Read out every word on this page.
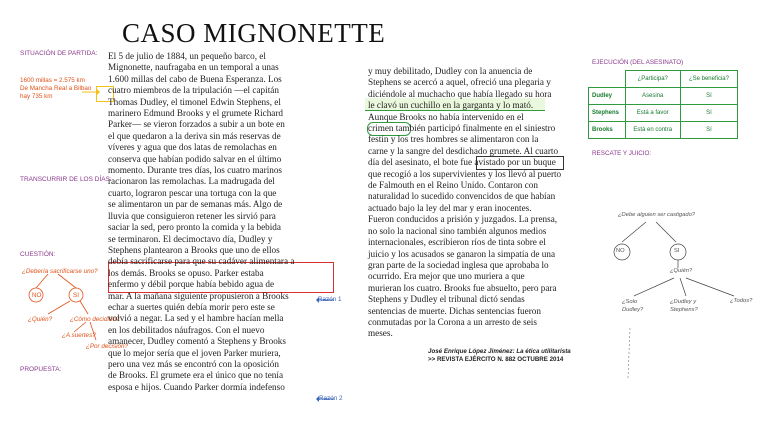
CASO MIGNONETTE
SITUACIÓN DE PARTIDA:
1600 millas = 2.575 km
De Mancha Real a Bilbao
hay 735 km
TRANSCURRIR DE LOS DÍAS:
CUESTIÓN:
PROPUESTA:
¿Debería sacrificarse uno?
NO	SI
¿Quién?	¿Cómo decidirlo?
¿A suertes?
¿Por decisión?
Razón 1
Razón 2
El 5 de julio de 1884, un pequeño barco, el
Mignonette, naufragaba en un temporal a unas
1.600 millas del cabo de Buena Esperanza. Los
cuatro miembros de la tripulación —el capitán
Thomas Dudley, el timonel Edwin Stephens, el
marinero Edmund Brooks y el grumete Richard
Parker— se vieron forzados a subir a un bote en
el que quedaron a la deriva sin más reservas de
víveres y agua que dos latas de remolachas en
conserva que habían podido salvar en el último
momento. Durante tres días, los cuatro marinos
racionaron las remolachas. La madrugada del
cuarto, lograron pescar una tortuga con la que
se alimentaron un par de semanas más. Algo de
lluvia que consiguieron retener les sirvió para
saciar la sed, pero pronto la comida y la bebida
se terminaron. El decimoctavo día, Dudley y
Stephens plantearon a Brooks que uno de ellos
debía sacrificarse para que su cadáver alimentara a
los demás. Brooks se opuso. Parker estaba
enfermo y débil porque había bebido agua de
mar. A la mañana siguiente propusieron a Brooks
echar a suertes quién debía morir pero este se
volvió a negar. La sed y el hambre hacían mella
en los debilitados náufragos. Con el nuevo
amanecer, Dudley comentó a Stephens y Brooks
que lo mejor sería que el joven Parker muriera,
pero una vez más se encontró con la oposición
de Brooks. El grumete era el único que no tenía
esposa e hijos. Cuando Parker dormía indefenso
y muy debilitado, Dudley con la anuencia de
Stephens se acercó a aquel, ofreció una plegaria y
diciéndole al muchacho que había llegado su hora
le clavó un cuchillo en la garganta y lo mató.
Aunque Brooks no había intervenido en el
crimen también participó finalmente en el siniestro
festín y los tres hombres se alimentaron con la
carne y la sangre del desdichado grumete. Al cuarto
día del asesinato, el bote fue avistado por un buque
que recogió a los supervivientes y los llevó al puerto
de Falmouth en el Reino Unido. Contaron con
naturalidad lo sucedido convencidos de que habían
actuado bajo la ley del mar y eran inocentes.
Fueron conducidos a prisión y juzgados. La prensa,
no solo la nacional sino también algunos medios
internacionales, escribieron ríos de tinta sobre el
juicio y los acusados se ganaron la simpatía de una
gran parte de la sociedad inglesa que aprobaba lo
ocurrido. Era mejor que uno muriera a que
murieran los cuatro. Brooks fue absuelto, pero para
Stephens y Dudley el tribunal dictó sendas
sentencias de muerte. Dichas sentencias fueron
conmutadas por la Corona a un arresto de seis
meses.
José Enrique López Jiménez: La ética utilitarista
>> REVISTA EJÉRCITO N. 882 OCTUBRE 2014
EJECUCIÓN (DEL ASESINATO)
	¿Participa?	¿Se beneficia?
Dudley	Asesina	Sí
Stephens	Está a favor	Sí
Brooks	Está en contra	Sí
RESCATE Y JUICIO:
¿Debe alguien ser castigado?
NO	SI
¿Quién?
¿Solo
Dudley?
¿Dudley y
Stephens?
¿Todos?
